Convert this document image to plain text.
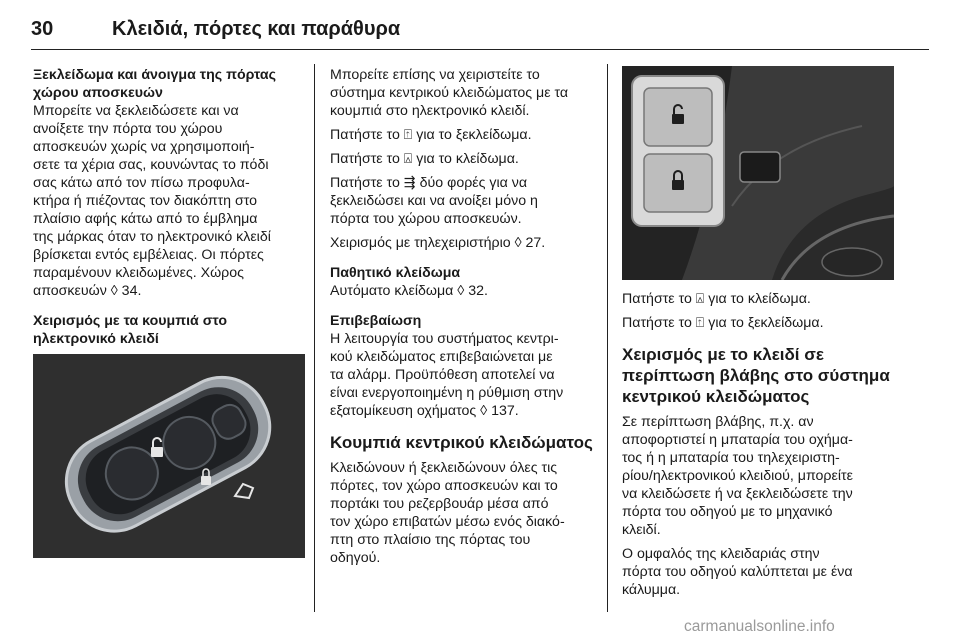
30	Κλειδιά, πόρτες και παράθυρα

Ξεκλείδωμα και άνοιγμα της πόρτας

χώρου αποσκευών

Μπορείτε να ξεκλειδώσετε και να

ανοίξετε την πόρτα του χώρου

αποσκευών χωρίς να χρησιμοποιή-

σετε τα χέρια σας, κουνώντας το πόδι

σας κάτω από τον πίσω προφυλα-

κτήρα ή πιέζοντας τον διακόπτη στο

πλαίσιο αφής κάτω από το έμβλημα

της μάρκας όταν το ηλεκτρονικό κλειδί

βρίσκεται εντός εμβέλειας. Οι πόρτες

παραμένουν κλειδωμένες. Χώρος

αποσκευών ◊ 34.

Χειρισμός με τα κουμπιά στο

ηλεκτρονικό κλειδί

Μπορείτε επίσης να χειριστείτε το

σύστημα κεντρικού κλειδώματος με τα

κουμπιά στο ηλεκτρονικό κλειδί.

Πατήστε το ⍐ για το ξεκλείδωμα.

Πατήστε το ⍓ για το κλείδωμα.

Πατήστε το ⇶ δύο φορές για να

ξεκλειδώσει και να ανοίξει μόνο η

πόρτα του χώρου αποσκευών.

Χειρισμός με τηλεχειριστήριο ◊ 27.

Παθητικό κλείδωμα

Αυτόματο κλείδωμα ◊ 32.

Επιβεβαίωση

Η λειτουργία του συστήματος κεντρι-

κού κλειδώματος επιβεβαιώνεται με

τα αλάρμ. Προϋπόθεση αποτελεί να

είναι ενεργοποιημένη η ρύθμιση στην

εξατομίκευση οχήματος ◊ 137.

Κουμπιά κεντρικού κλειδώματος

Κλειδώνουν ή ξεκλειδώνουν όλες τις

πόρτες, τον χώρο αποσκευών και το

πορτάκι του ρεζερβουάρ μέσα από

τον χώρο επιβατών μέσω ενός διακό-

πτη στο πλαίσιο της πόρτας του

οδηγού.

Πατήστε το ⍓ για το κλείδωμα.

Πατήστε το ⍐ για το ξεκλείδωμα.

Χειρισμός με το κλειδί σε

περίπτωση βλάβης στο σύστημα

κεντρικού κλειδώματος

Σε περίπτωση βλάβης, π.χ. αν

αποφορτιστεί η μπαταρία του οχήμα-

τος ή η μπαταρία του τηλεχειριστη-

ρίου/ηλεκτρονικού κλειδιού, μπορείτε

να κλειδώσετε ή να ξεκλειδώσετε την

πόρτα του οδηγού με το μηχανικό

κλειδί.

Ο ομφαλός της κλειδαριάς στην

πόρτα του οδηγού καλύπτεται με ένα

κάλυμμα.

carmanualsonline.info
